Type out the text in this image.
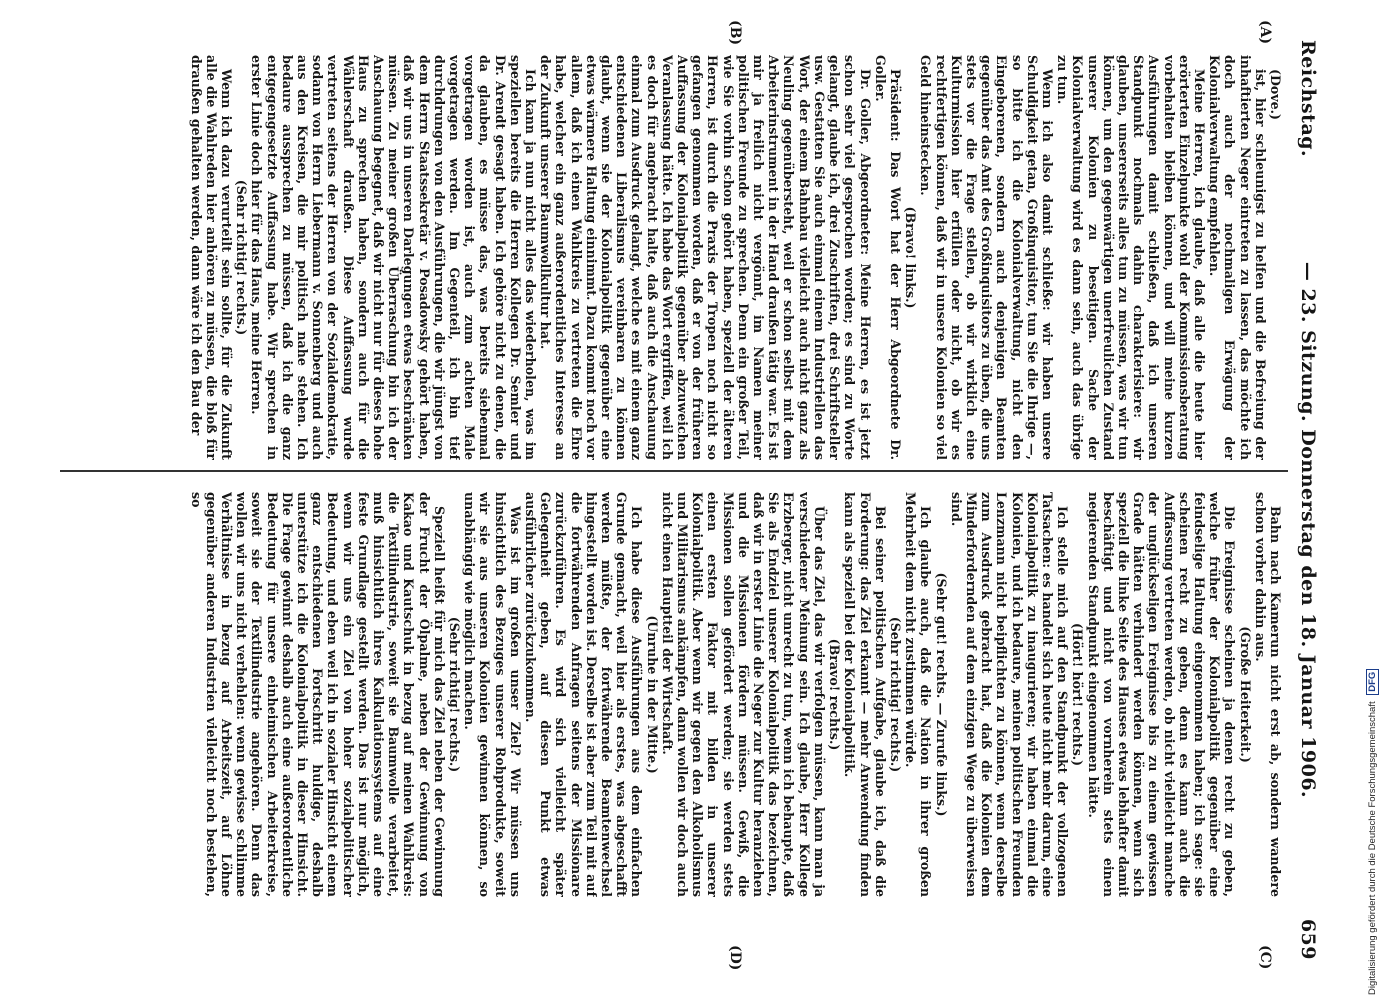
Reichstag.
— 23. Sitzung. Donnerstag den 18. Januar 1906.
659
(A)
(B)
(C)
(D)

(Dove.)

ist, hier schleunigst zu helfen und die Befreiung der inhaftierten Neger eintreten zu lassen, das möchte ich doch auch der nochmaligen Erwägung der Kolonialverwaltung empfehlen.

Meine Herren, ich glaube, daß alle die heute hier erörterten Einzelpunkte wohl der Kommissionsberatung vorbehalten bleiben können, und will meine kurzen Ausführungen damit schließen, daß ich unseren Standpunkt nochmals dahin charakterisiere: wir glauben, unsererseits alles tun zu müssen, was wir tun können, um den gegenwärtigen unerfreulichen Zustand unserer Kolonien zu beseitigen. Sache der Kolonialverwaltung wird es dann sein, auch das übrige zu tun.

Wenn ich also damit schließe: wir haben unsere Schuldigkeit getan, Großinquisitor, tun Sie die Ihrige —, so bitte ich die Kolonialverwaltung, nicht den Eingeborenen, sondern auch denjenigen Beamten gegenüber das Amt des Großinquisitors zu üben, die uns stets vor die Frage stellen, ob wir wirklich eine Kulturmission hier erfüllen oder nicht, ob wir es rechtfertigen können, daß wir in unsere Kolonien so viel Geld hineinstecken.

(Bravo! links.)

Präsident: Das Wort hat der Herr Abgeordnete Dr. Goller.

Dr. Goller, Abgeordneter: Meine Herren, es ist jetzt schon sehr viel gesprochen worden; es sind zu Worte gelangt, glaube ich, drei Zuschriften, drei Schriftsteller usw. Gestatten Sie auch einmal einem Industriellen das Wort, der einem Bahnbau vielleicht auch nicht ganz als Neuling gegenübersteht, weil er schon selbst mit dem Arbeiterinstrument in der Hand draußen tätig war. Es ist mir ja freilich nicht vergönnt, im Namen meiner politischen Freunde zu sprechen. Denn ein großer Teil, wie Sie vorhin schon gehört haben, speziell der älteren Herren, ist durch die Praxis der Tropen noch nicht so gefangen genommen worden, daß er von der früheren Auffassung der Kolonialpolitik gegenüber abzuweichen Veranlassung hätte. Ich habe das Wort ergriffen, weil ich es doch für angebracht halte, daß auch die Anschauung einmal zum Ausdruck gelangt, welche es mit einem ganz entschiedenen Liberalismus vereinbaren zu können glaubt, wenn sie der Kolonialpolitik gegenüber eine etwas wärmere Haltung einnimmt. Dazu kommt noch vor allem, daß ich einen Wahlkreis zu vertreten die Ehre habe, welcher ein ganz außerordentliches Interesse an der Zukunft unserer Baumwollkultur hat.

Ich kann ja nun nicht alles das wiederholen, was im speziellen bereits die Herren Kollegen Dr. Semler und Dr. Arendt gesagt haben. Ich gehöre nicht zu denen, die da glauben, es müsse das, was bereits siebenmal vorgetragen worden ist, auch zum achten Male vorgetragen werden. Im Gegenteil, ich bin tief durchdrungen von den Ausführungen, die wir jüngst von dem Herrn Staatssekretär v. Posadowsky gehört haben, daß wir uns in unseren Darlegungen etwas beschränken müssen. Zu meiner großen Überraschung bin ich der Anschauung begegnet, daß wir nicht nur für dieses hohe Haus zu sprechen haben, sondern auch für die Wählerschaft draußen. Diese Auffassung wurde vertreten seitens der Herren von der Sozialdemokratie, sodann von Herrn Liebermann v. Sonnenberg und auch aus den Kreisen, die mir politisch nahe stehen. Ich bedaure aussprechen zu müssen, daß ich die ganz entgegengesetzte Auffassung habe. Wir sprechen in erster Linie doch hier für das Haus, meine Herren.

(Sehr richtig! rechts.)

Wenn ich dazu verurteilt sein sollte, für die Zukunft alle die Wahlreden hier anhören zu müssen, die bloß für draußen gehalten werden, dann wäre ich den Bau der

Bahn nach Kamerun nicht erst ab, sondern wandere schon vorher dahin aus.

(Große Heiterkeit.)

Die Ereignisse scheinen ja denen recht zu geben, welche früher der Kolonialpolitik gegenüber eine feindselige Haltung eingenommen haben; ich sage: sie scheinen recht zu geben, denn es kann auch die Auffassung vertreten werden, ob nicht vielleicht manche der unglückseligen Ereignisse bis zu einem gewissen Grade hätten verhindert werden können, wenn sich speziell die linke Seite des Hauses etwas lebhafter damit beschäftigt und nicht von vornherein stets einen negierenden Standpunkt eingenommen hätte.

(Hört! hört! rechts.)

Ich stelle mich auf den Standpunkt der vollzogenen Tatsachen: es handelt sich heute nicht mehr darum, eine Kolonialpolitik zu inaugurieren; wir haben einmal die Kolonien, und ich bedaure, meinen politischen Freunden Lenzmann nicht beipflichten zu können, wenn derselbe zum Ausdruck gebracht hat, daß die Kolonien dem Minderfordernden auf dem einzigen Wege zu überweisen sind.

(Sehr gut! rechts. — Zurufe links.)

Ich glaube auch, daß die Nation in ihrer großen Mehrheit dem nicht zustimmen würde.

(Sehr richtig! rechts.)

Bei seiner politischen Aufgabe, glaube ich, daß die Forderung: das Ziel erkannt — mehr Anwendung finden kann als speziell bei der Kolonialpolitik.

(Bravo! rechts.)

Über das Ziel, das wir verfolgen müssen, kann man ja verschiedener Meinung sein. Ich glaube, Herr Kollege Erzberger, nicht unrecht zu tun, wenn ich behaupte, daß Sie als Endziel unserer Kolonialpolitik das bezeichnen, daß wir in erster Linie die Neger zur Kultur heranziehen und die Missionen fördern müssen. Gewiß, die Missionen sollen gefördert werden; sie werden stets einen ersten Faktor mit bilden in unserer Kolonialpolitik. Aber wenn wir gegen den Alkoholismus und Militarismus ankämpfen, dann wollen wir doch auch nicht einen Hauptteil der Wirtschaft.

(Unruhe in der Mitte.)

Ich habe diese Ausführungen aus dem einfachen Grunde gemacht, weil hier als erstes, was abgeschafft werden müßte, der fortwährende Beamtenwechsel hingestellt worden ist. Derselbe ist aber zum Teil mit auf die fortwährenden Anfragen seitens der Missionare zurückzuführen. Es wird sich vielleicht später Gelegenheit geben, auf diesen Punkt etwas ausführlicher zurückzukommen.

Was ist im großen unser Ziel? Wir müssen uns hinsichtlich des Bezuges unserer Rohprodukte, soweit wir sie aus unseren Kolonien gewinnen können, so unabhängig wie möglich machen.

(Sehr richtig! rechts.)

Speziell heißt für mich das Ziel neben der Gewinnung der Frucht der Ölpalme, neben der Gewinnung von Kakao und Kautschuk in bezug auf meinen Wahlkreis: die Textilindustrie, soweit sie Baumwolle verarbeitet, muß hinsichtlich ihres Kalkulationssystems auf eine feste Grundlage gestellt werden. Das ist nur möglich, wenn wir uns ein Ziel von hoher sozialpolitischer Bedeutung, und eben weil ich in sozialer Hinsicht einem ganz entschiedenen Fortschritt huldige, deshalb unterstütze ich die Kolonialpolitik in dieser Hinsicht. Die Frage gewinnt deshalb auch eine außerordentliche Bedeutung für unsere einheimischen Arbeiterkreise, soweit sie der Textilindustrie angehören. Denn das wollen wir uns nicht verhehlen: wenn gewisse schlimme Verhältnisse in bezug auf Arbeitszeit, auf Löhne gegenüber anderen Industrien vielleicht noch bestehen, so

Digitalisierung gefördert durch die Deutsche Forschungsgemeinschaft DFG
